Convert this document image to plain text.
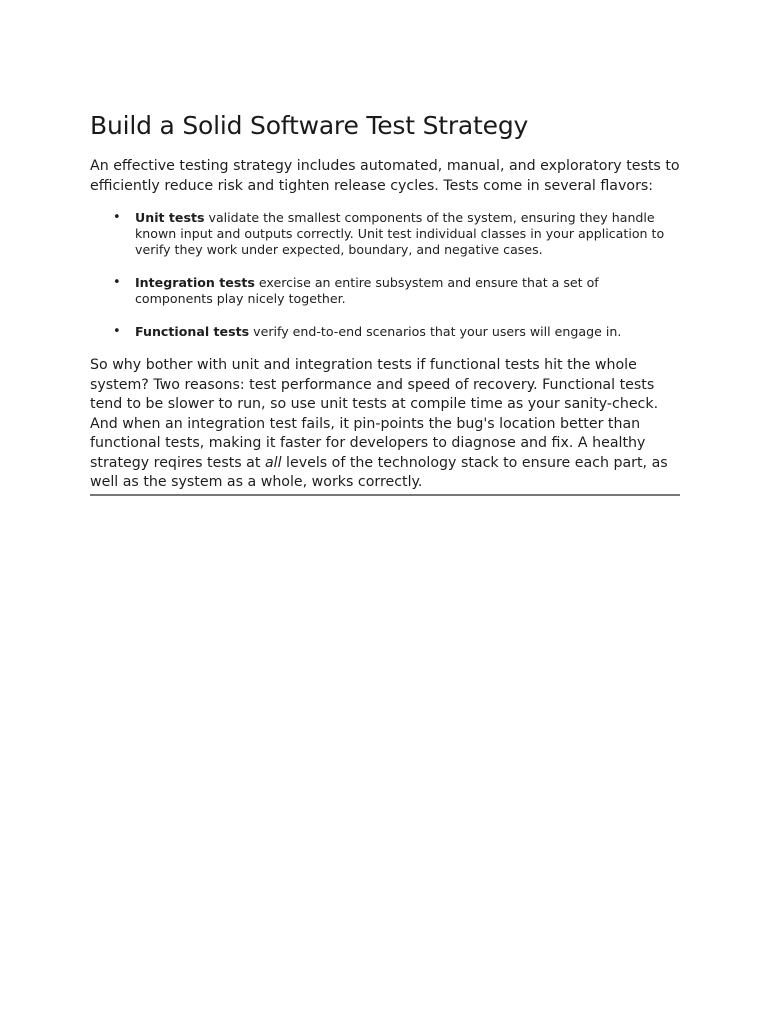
Build a Solid Software Test Strategy

An effective testing strategy includes automated, manual, and exploratory tests to efficiently reduce risk and tighten release cycles. Tests come in several flavors:

• Unit tests validate the smallest components of the system, ensuring they handle known input and outputs correctly. Unit test individual classes in your application to verify they work under expected, boundary, and negative cases.
• Integration tests exercise an entire subsystem and ensure that a set of components play nicely together.
• Functional tests verify end-to-end scenarios that your users will engage in.

So why bother with unit and integration tests if functional tests hit the whole system? Two reasons: test performance and speed of recovery. Functional tests tend to be slower to run, so use unit tests at compile time as your sanity-check. And when an integration test fails, it pin-points the bug's location better than functional tests, making it faster for developers to diagnose and fix. A healthy strategy reqires tests at all levels of the technology stack to ensure each part, as well as the system as a whole, works correctly.
